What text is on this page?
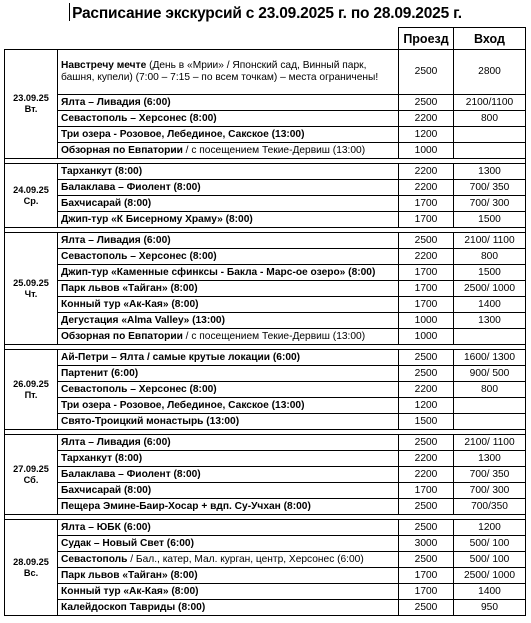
Расписание экскурсий с 23.09.2025 г. по 28.09.2025 г.
		Проезд	Вход

23.09.25
Вт.	Навстречу мечте (День в «Мрии» / Японский сад, Винный парк, башня, купели) (7:00 – 7:15 – по всем точкам) – места ограничены!	2500	2800
	Ялта – Ливадия (6:00)	2500	2100/1100
	Севастополь – Херсонес (8:00)	2200	800
	Три озера - Розовое, Лебединое, Сакское (13:00)	1200	
	Обзорная по Евпатории / с посещением Текие-Дервиш (13:00)	1000	

24.09.25
Ср.	Тарханкут (8:00)	2200	1300
	Балаклава – Фиолент (8:00)	2200	700/ 350
	Бахчисарай (8:00)	1700	700/ 300
	Джип-тур «К Бисерному Храму» (8:00)	1700	1500

25.09.25
Чт.	Ялта – Ливадия (6:00)	2500	2100/ 1100
	Севастополь – Херсонес (8:00)	2200	800
	Джип-тур «Каменные сфинксы - Бакла - Марс-ое озеро» (8:00)	1700	1500
	Парк львов «Тайган» (8:00)	1700	2500/ 1000
	Конный тур «Ак-Кая» (8:00)	1700	1400
	Дегустация «Alma Valley» (13:00)	1000	1300
	Обзорная по Евпатории / с посещением Текие-Дервиш (13:00)	1000	

26.09.25
Пт.	Ай-Петри – Ялта / самые крутые локации (6:00)	2500	1600/ 1300
	Партенит (6:00)	2500	900/ 500
	Севастополь – Херсонес (8:00)	2200	800
	Три озера - Розовое, Лебединое, Сакское (13:00)	1200	
	Свято-Троицкий монастырь (13:00)	1500	

27.09.25
Сб.	Ялта – Ливадия (6:00)	2500	2100/ 1100
	Тарханкут (8:00)	2200	1300
	Балаклава – Фиолент (8:00)	2200	700/ 350
	Бахчисарай (8:00)	1700	700/ 300
	Пещера Эмине-Баир-Хосар + вдп. Су-Учхан (8:00)	2500	700/350

28.09.25
Вс.	Ялта – ЮБК (6:00)	2500	1200
	Судак – Новый Свет (6:00)	3000	500/ 100
	Севастополь / Бал., катер, Мал. курган, центр, Херсонес (6:00)	2500	500/ 100
	Парк львов «Тайган» (8:00)	1700	2500/ 1000
	Конный тур «Ак-Кая» (8:00)	1700	1400
	Калейдоскоп Тавриды (8:00)	2500	950
